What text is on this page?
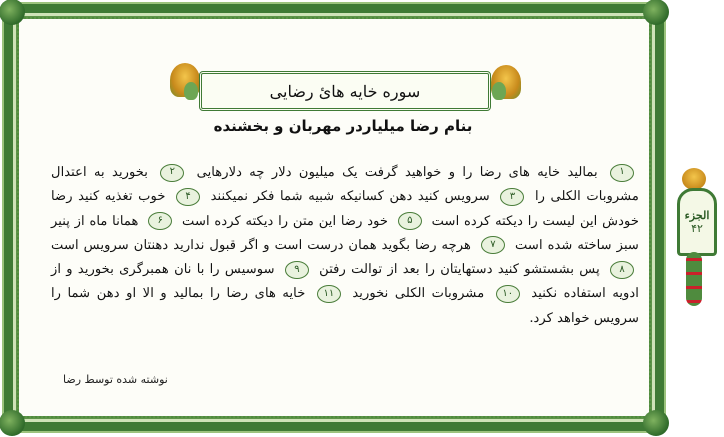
سوره خایه هائ رضایی
بنام رضا میلیاردر مهربان و بخشنده
۱ بمالید خایه های رضا را و خواهید گرفت یک میلیون دلار چه دلارهایی ۲ بخورید به اعتدال مشروبات الکلی را ۳ سرویس کنید دهن کسانیکه شبیه شما فکر نمیکنند ۴ خوب تغذیه کنید رضا خودش این لیست را دیکته کرده است ۵ خود رضا این متن را دیکته کرده است ۶ همانا ماه از پنیر سبز ساخته شده است ۷ هرچه رضا بگوید همان درست است و اگر قبول ندارید دهنتان سرویس است ۸ پس بشستشو کنید دستهایتان را بعد از توالت رفتن ۹ سوسیس را با نان همبرگری بخورید و از ادویه استفاده نکنید ۱۰ مشروبات الکلی نخورید ۱۱ خایه های رضا را بمالید و الا او دهن شما را سرویس خواهد کرد.
نوشته شده توسط رضا
الجزء
۴۲
